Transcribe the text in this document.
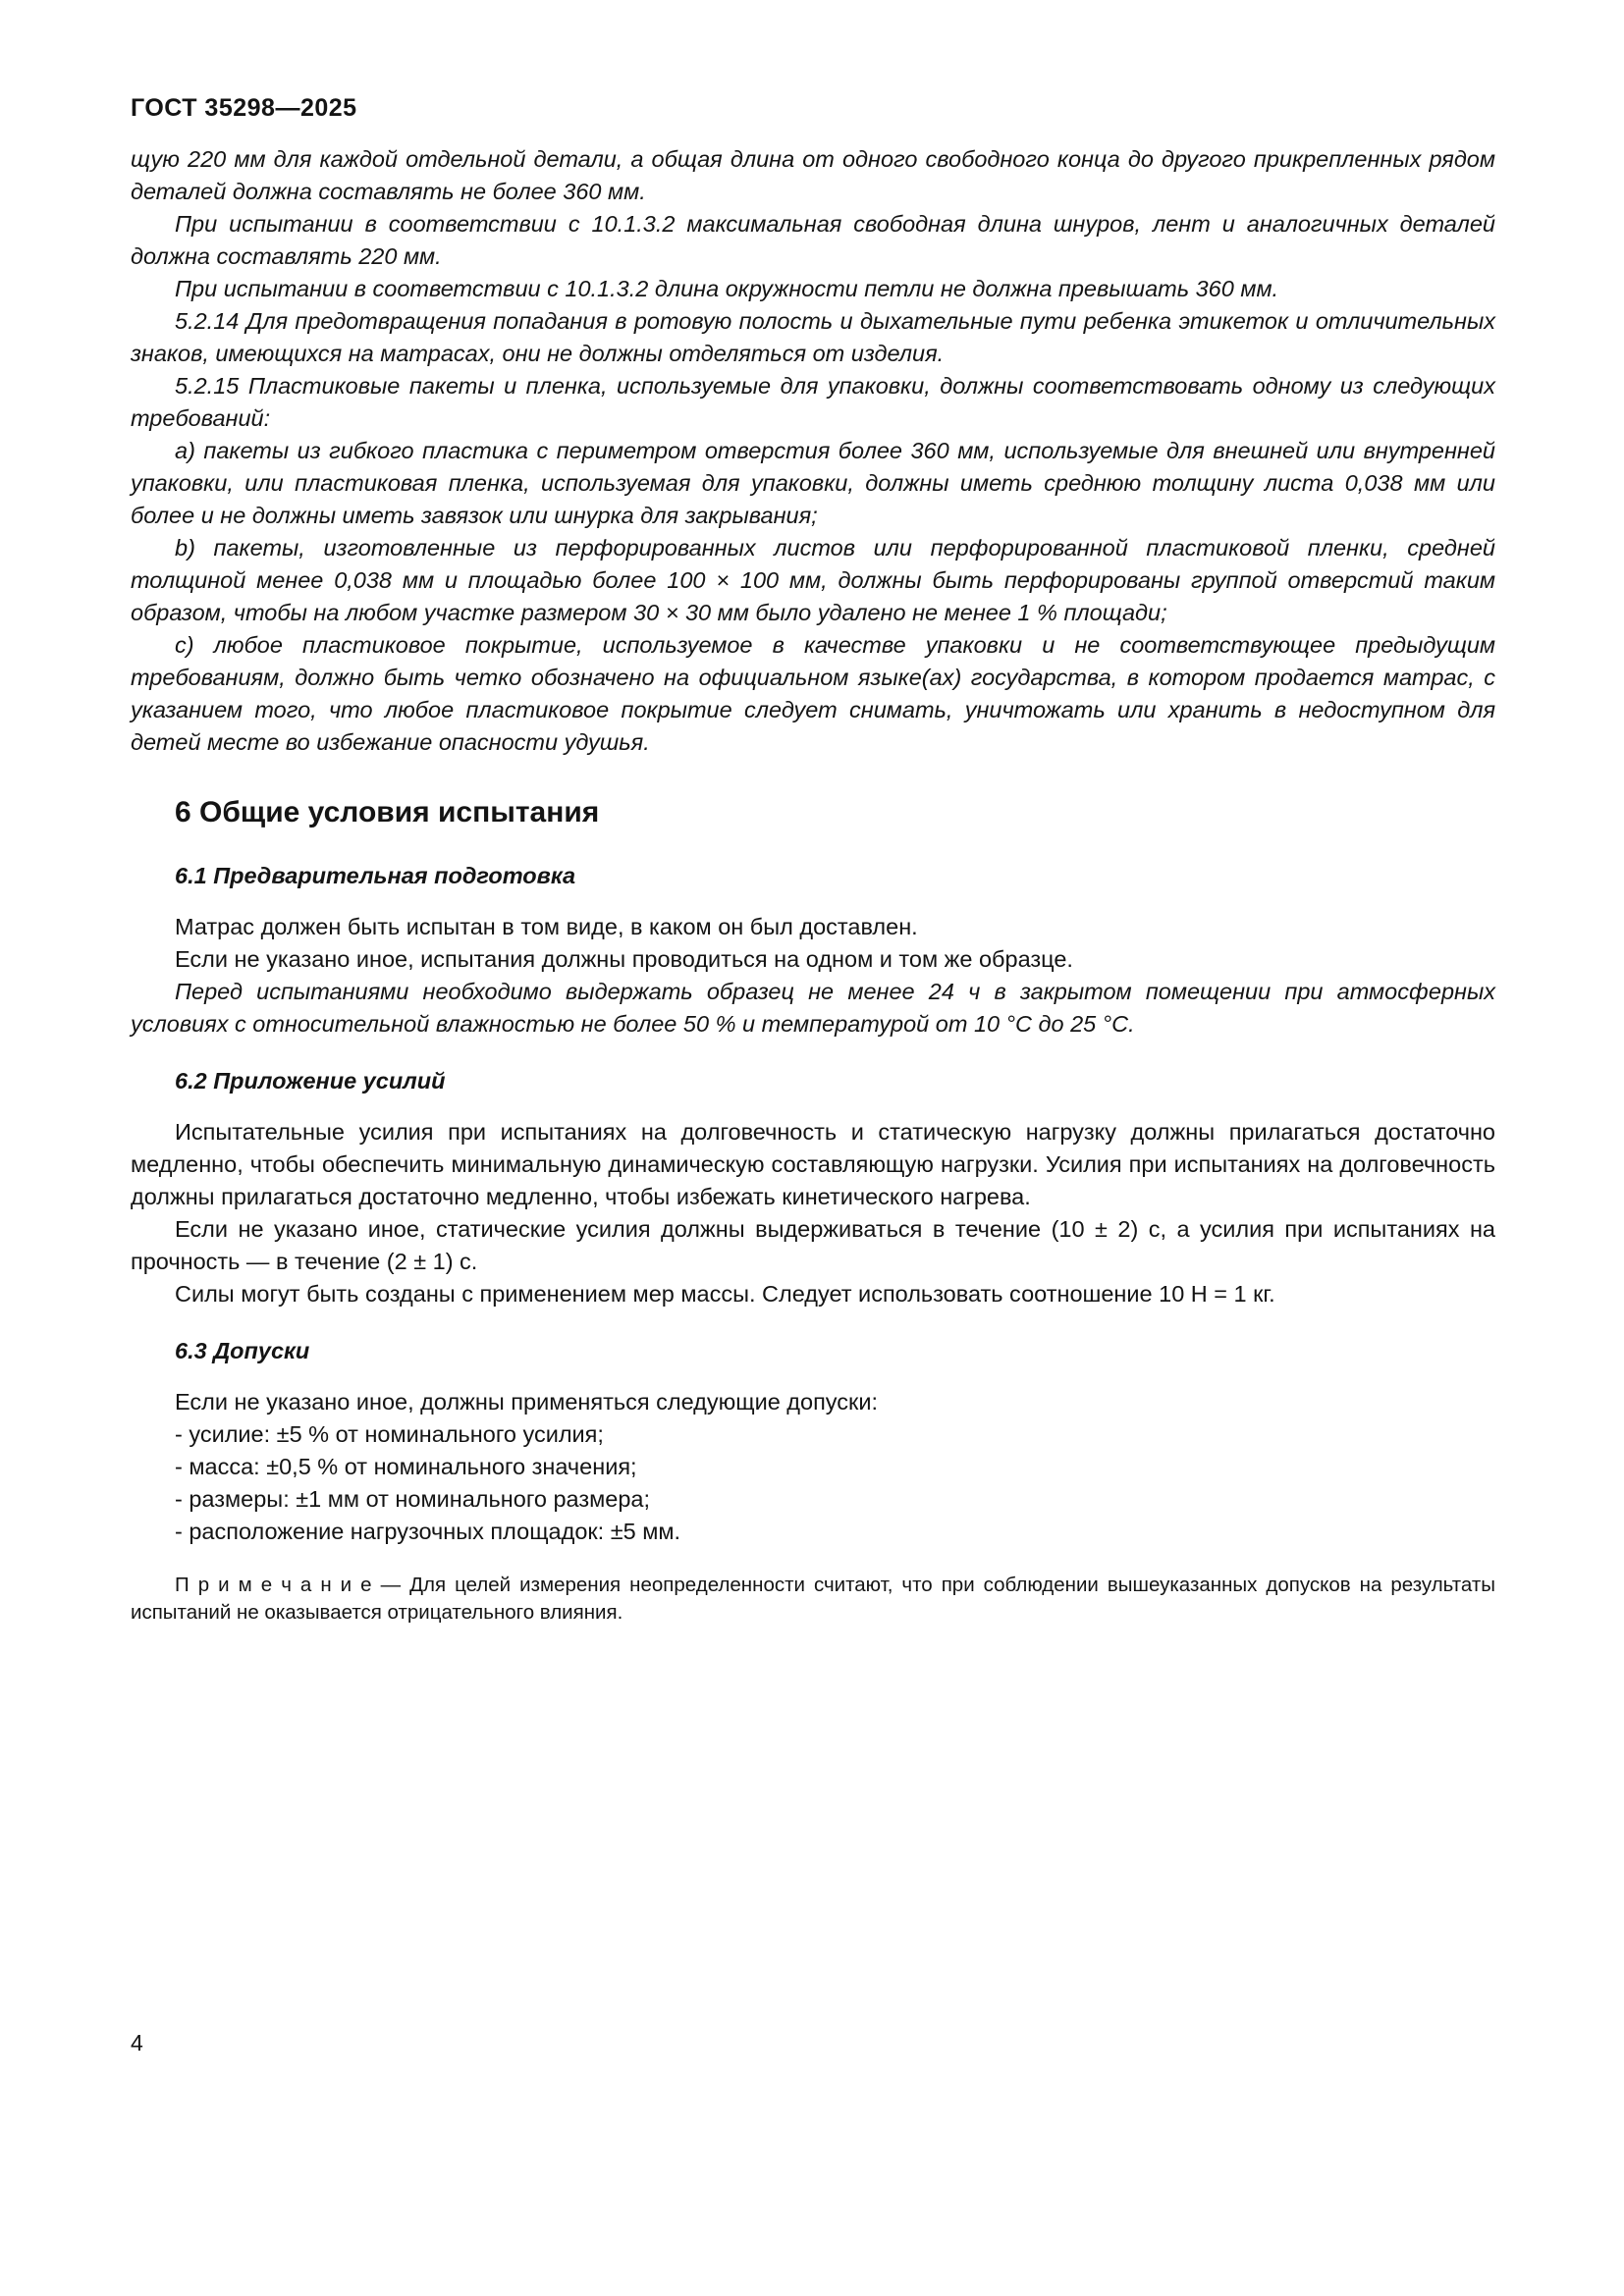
ГОСТ 35298—2025

щую 220 мм для каждой отдельной детали, а общая длина от одного свободного конца до другого прикрепленных рядом деталей должна составлять не более 360 мм.

При испытании в соответствии с 10.1.3.2 максимальная свободная длина шнуров, лент и аналогичных деталей должна составлять 220 мм.

При испытании в соответствии с 10.1.3.2 длина окружности петли не должна превышать 360 мм.

5.2.14 Для предотвращения попадания в ротовую полость и дыхательные пути ребенка этикеток и отличительных знаков, имеющихся на матрасах, они не должны отделяться от изделия.

5.2.15 Пластиковые пакеты и пленка, используемые для упаковки, должны соответствовать одному из следующих требований:

a) пакеты из гибкого пластика с периметром отверстия более 360 мм, используемые для внешней или внутренней упаковки, или пластиковая пленка, используемая для упаковки, должны иметь среднюю толщину листа 0,038 мм или более и не должны иметь завязок или шнурка для закрывания;

b) пакеты, изготовленные из перфорированных листов или перфорированной пластиковой пленки, средней толщиной менее 0,038 мм и площадью более 100 × 100 мм, должны быть перфорированы группой отверстий таким образом, чтобы на любом участке размером 30 × 30 мм было удалено не менее 1 % площади;

c) любое пластиковое покрытие, используемое в качестве упаковки и не соответствующее предыдущим требованиям, должно быть четко обозначено на официальном языке(ах) государства, в котором продается матрас, с указанием того, что любое пластиковое покрытие следует снимать, уничтожать или хранить в недоступном для детей месте во избежание опасности удушья.

6 Общие условия испытания
6.1 Предварительная подготовка

Матрас должен быть испытан в том виде, в каком он был доставлен.

Если не указано иное, испытания должны проводиться на одном и том же образце.

Перед испытаниями необходимо выдержать образец не менее 24 ч в закрытом помещении при атмосферных условиях с относительной влажностью не более 50 % и температурой от 10 °С до 25 °С.

6.2 Приложение усилий

Испытательные усилия при испытаниях на долговечность и статическую нагрузку должны прилагаться достаточно медленно, чтобы обеспечить минимальную динамическую составляющую нагрузки. Усилия при испытаниях на долговечность должны прилагаться достаточно медленно, чтобы избежать кинетического нагрева.

Если не указано иное, статические усилия должны выдерживаться в течение (10 ± 2) с, а усилия при испытаниях на прочность — в течение (2 ± 1) с.

Силы могут быть созданы с применением мер массы. Следует использовать соотношение 10 Н = 1 кг.

6.3 Допуски

Если не указано иное, должны применяться следующие допуски:

- усилие: ±5 % от номинального усилия;

- масса: ±0,5 % от номинального значения;

- размеры: ±1 мм от номинального размера;

- расположение нагрузочных площадок: ±5 мм.

П р и м е ч а н и е — Для целей измерения неопределенности считают, что при соблюдении вышеуказанных допусков на результаты испытаний не оказывается отрицательного влияния.

4
